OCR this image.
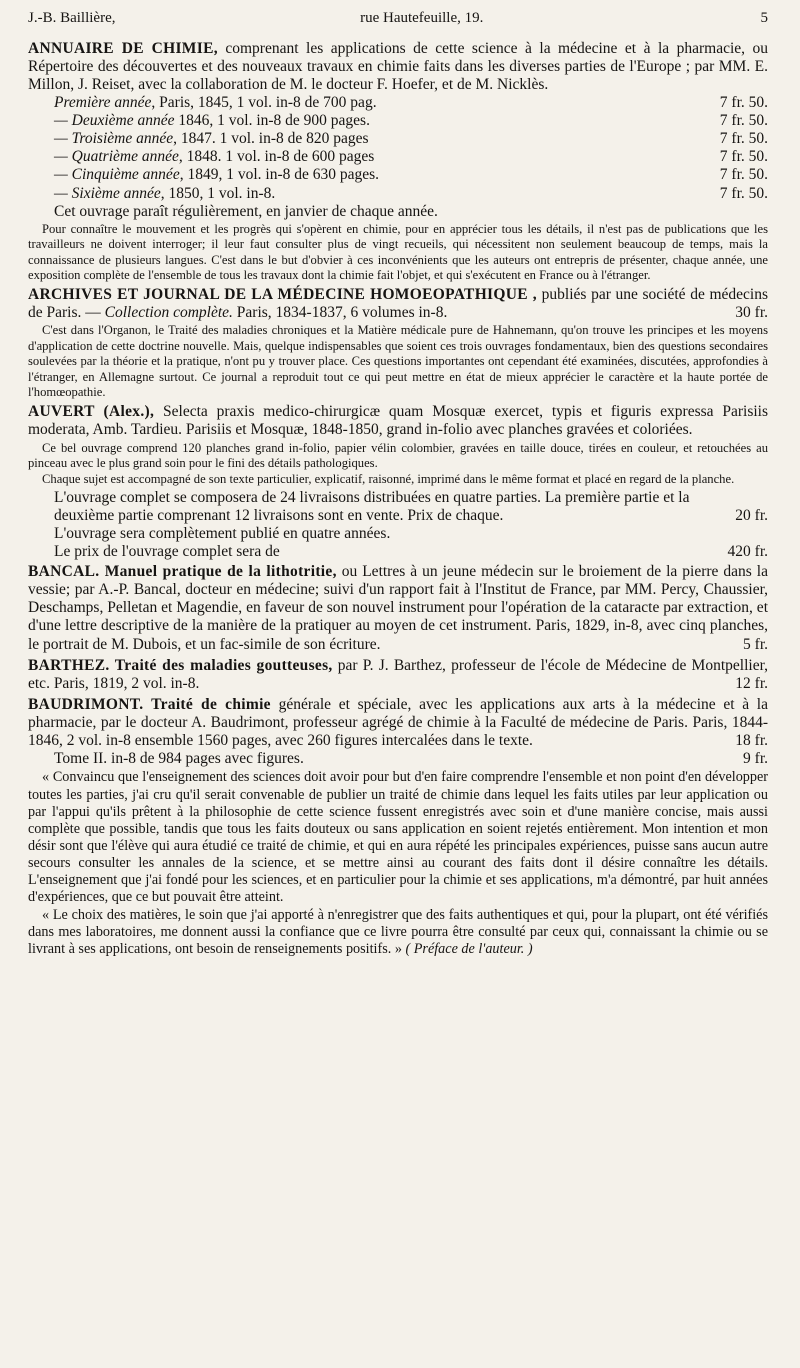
J.-B. Baillière,	rue Hautefeuille, 19.	5
ANNUAIRE DE CHIMIE, comprenant les applications de cette science à la médecine et à la pharmacie, ou Répertoire des découvertes et des nouveaux travaux en chimie faits dans les diverses parties de l'Europe ; par MM. E. Millon, J. Reiset, avec la collaboration de M. le docteur F. Hoefer, et de M. Nicklès.
Première année, Paris, 1845, 1 vol. in-8 de 700 pag.	7 fr. 50.
— Deuxième année 1846, 1 vol. in-8 de 900 pages.	7 fr. 50.
— Troisième année, 1847. 1 vol. in-8 de 820 pages	7 fr. 50.
— Quatrième année, 1848. 1 vol. in-8 de 600 pages	7 fr. 50.
— Cinquième année, 1849, 1 vol. in-8 de 630 pages.	7 fr. 50.
— Sixième année, 1850, 1 vol. in-8.	7 fr. 50.
Cet ouvrage paraît régulièrement, en janvier de chaque année.
Pour connaître le mouvement et les progrès qui s'opèrent en chimie, pour en apprécier tous les détails, il n'est pas de publications que les travailleurs ne doivent interroger; il leur faut consulter plus de vingt recueils, qui nécessitent non seulement beaucoup de temps, mais la connaissance de plusieurs langues. C'est dans le but d'obvier à ces inconvénients que les auteurs ont entrepris de présenter, chaque année, une exposition complète de l'ensemble de tous les travaux dont la chimie fait l'objet, et qui s'exécutent en France ou à l'étranger.
ARCHIVES ET JOURNAL DE LA MÉDECINE HOMOEOPATHIQUE , publiés par une société de médecins de Paris. — Collection complète. Paris, 1834-1837, 6 volumes in-8.	30 fr.
C'est dans l'Organon, le Traité des maladies chroniques et la Matière médicale pure de Hahnemann, qu'on trouve les principes et les moyens d'application de cette doctrine nouvelle. Mais, quelque indispensables que soient ces trois ouvrages fondamentaux, bien des questions secondaires soulevées par la théorie et la pratique, n'ont pu y trouver place. Ces questions importantes ont cependant été examinées, discutées, approfondies à l'étranger, en Allemagne surtout. Ce journal a reproduit tout ce qui peut mettre en état de mieux apprécier le caractère et la haute portée de l'homœopathie.
AUVERT (Alex.), Selecta praxis medico-chirurgicæ quam Mosquæ exercet, typis et figuris expressa Parisiis moderata, Amb. Tardieu. Parisiis et Mosquæ, 1848-1850, grand in-folio avec planches gravées et coloriées.
Ce bel ouvrage comprend 120 planches grand in-folio, papier vélin colombier, gravées en taille douce, tirées en couleur, et retouchées au pinceau avec le plus grand soin pour le fini des détails pathologiques.
Chaque sujet est accompagné de son texte particulier, explicatif, raisonné, imprimé dans le même format et placé en regard de la planche.
L'ouvrage complet se composera de 24 livraisons distribuées en quatre parties. La première partie et la deuxième partie comprenant 12 livraisons sont en vente. Prix de chaque.	20 fr.
L'ouvrage sera complètement publié en quatre années.
Le prix de l'ouvrage complet sera de	420 fr.
BANCAL. Manuel pratique de la lithotritie, ou Lettres à un jeune médecin sur le broiement de la pierre dans la vessie; par A.-P. Bancal, docteur en médecine; suivi d'un rapport fait à l'Institut de France, par MM. Percy, Chaussier, Deschamps, Pelletan et Magendie, en faveur de son nouvel instrument pour l'opération de la cataracte par extraction, et d'une lettre descriptive de la manière de la pratiquer au moyen de cet instrument. Paris, 1829, in-8, avec cinq planches, le portrait de M. Dubois, et un fac-simile de son écriture.	5 fr.
BARTHEZ. Traité des maladies goutteuses, par P. J. Barthez, professeur de l'école de Médecine de Montpellier, etc. Paris, 1819, 2 vol. in-8.	12 fr.
BAUDRIMONT. Traité de chimie générale et spéciale, avec les applications aux arts à la médecine et à la pharmacie, par le docteur A. Baudrimont, professeur agrégé de chimie à la Faculté de médecine de Paris. Paris, 1844-1846, 2 vol. in-8 ensemble 1560 pages, avec 260 figures intercalées dans le texte.	18 fr.
Tome II. in-8 de 984 pages avec figures.	9 fr.
« Convaincu que l'enseignement des sciences doit avoir pour but d'en faire comprendre l'ensemble et non point d'en développer toutes les parties, j'ai cru qu'il serait convenable de publier un traité de chimie dans lequel les faits utiles par leur application ou par l'appui qu'ils prêtent à la philosophie de cette science fussent enregistrés avec soin et d'une manière concise, mais aussi complète que possible, tandis que tous les faits douteux ou sans application en soient rejetés entièrement. Mon intention et mon désir sont que l'élève qui aura étudié ce traité de chimie, et qui en aura répété les principales expériences, puisse sans aucun autre secours consulter les annales de la science, et se mettre ainsi au courant des faits dont il désire connaître les détails. L'enseignement que j'ai fondé pour les sciences, et en particulier pour la chimie et ses applications, m'a démontré, par huit années d'expériences, que ce but pouvait être atteint.
« Le choix des matières, le soin que j'ai apporté à n'enregistrer que des faits authentiques et qui, pour la plupart, ont été vérifiés dans mes laboratoires, me donnent aussi la confiance que ce livre pourra être consulté par ceux qui, connaissant la chimie ou se livrant à ses applications, ont besoin de renseignements positifs. » ( Préface de l'auteur. )
